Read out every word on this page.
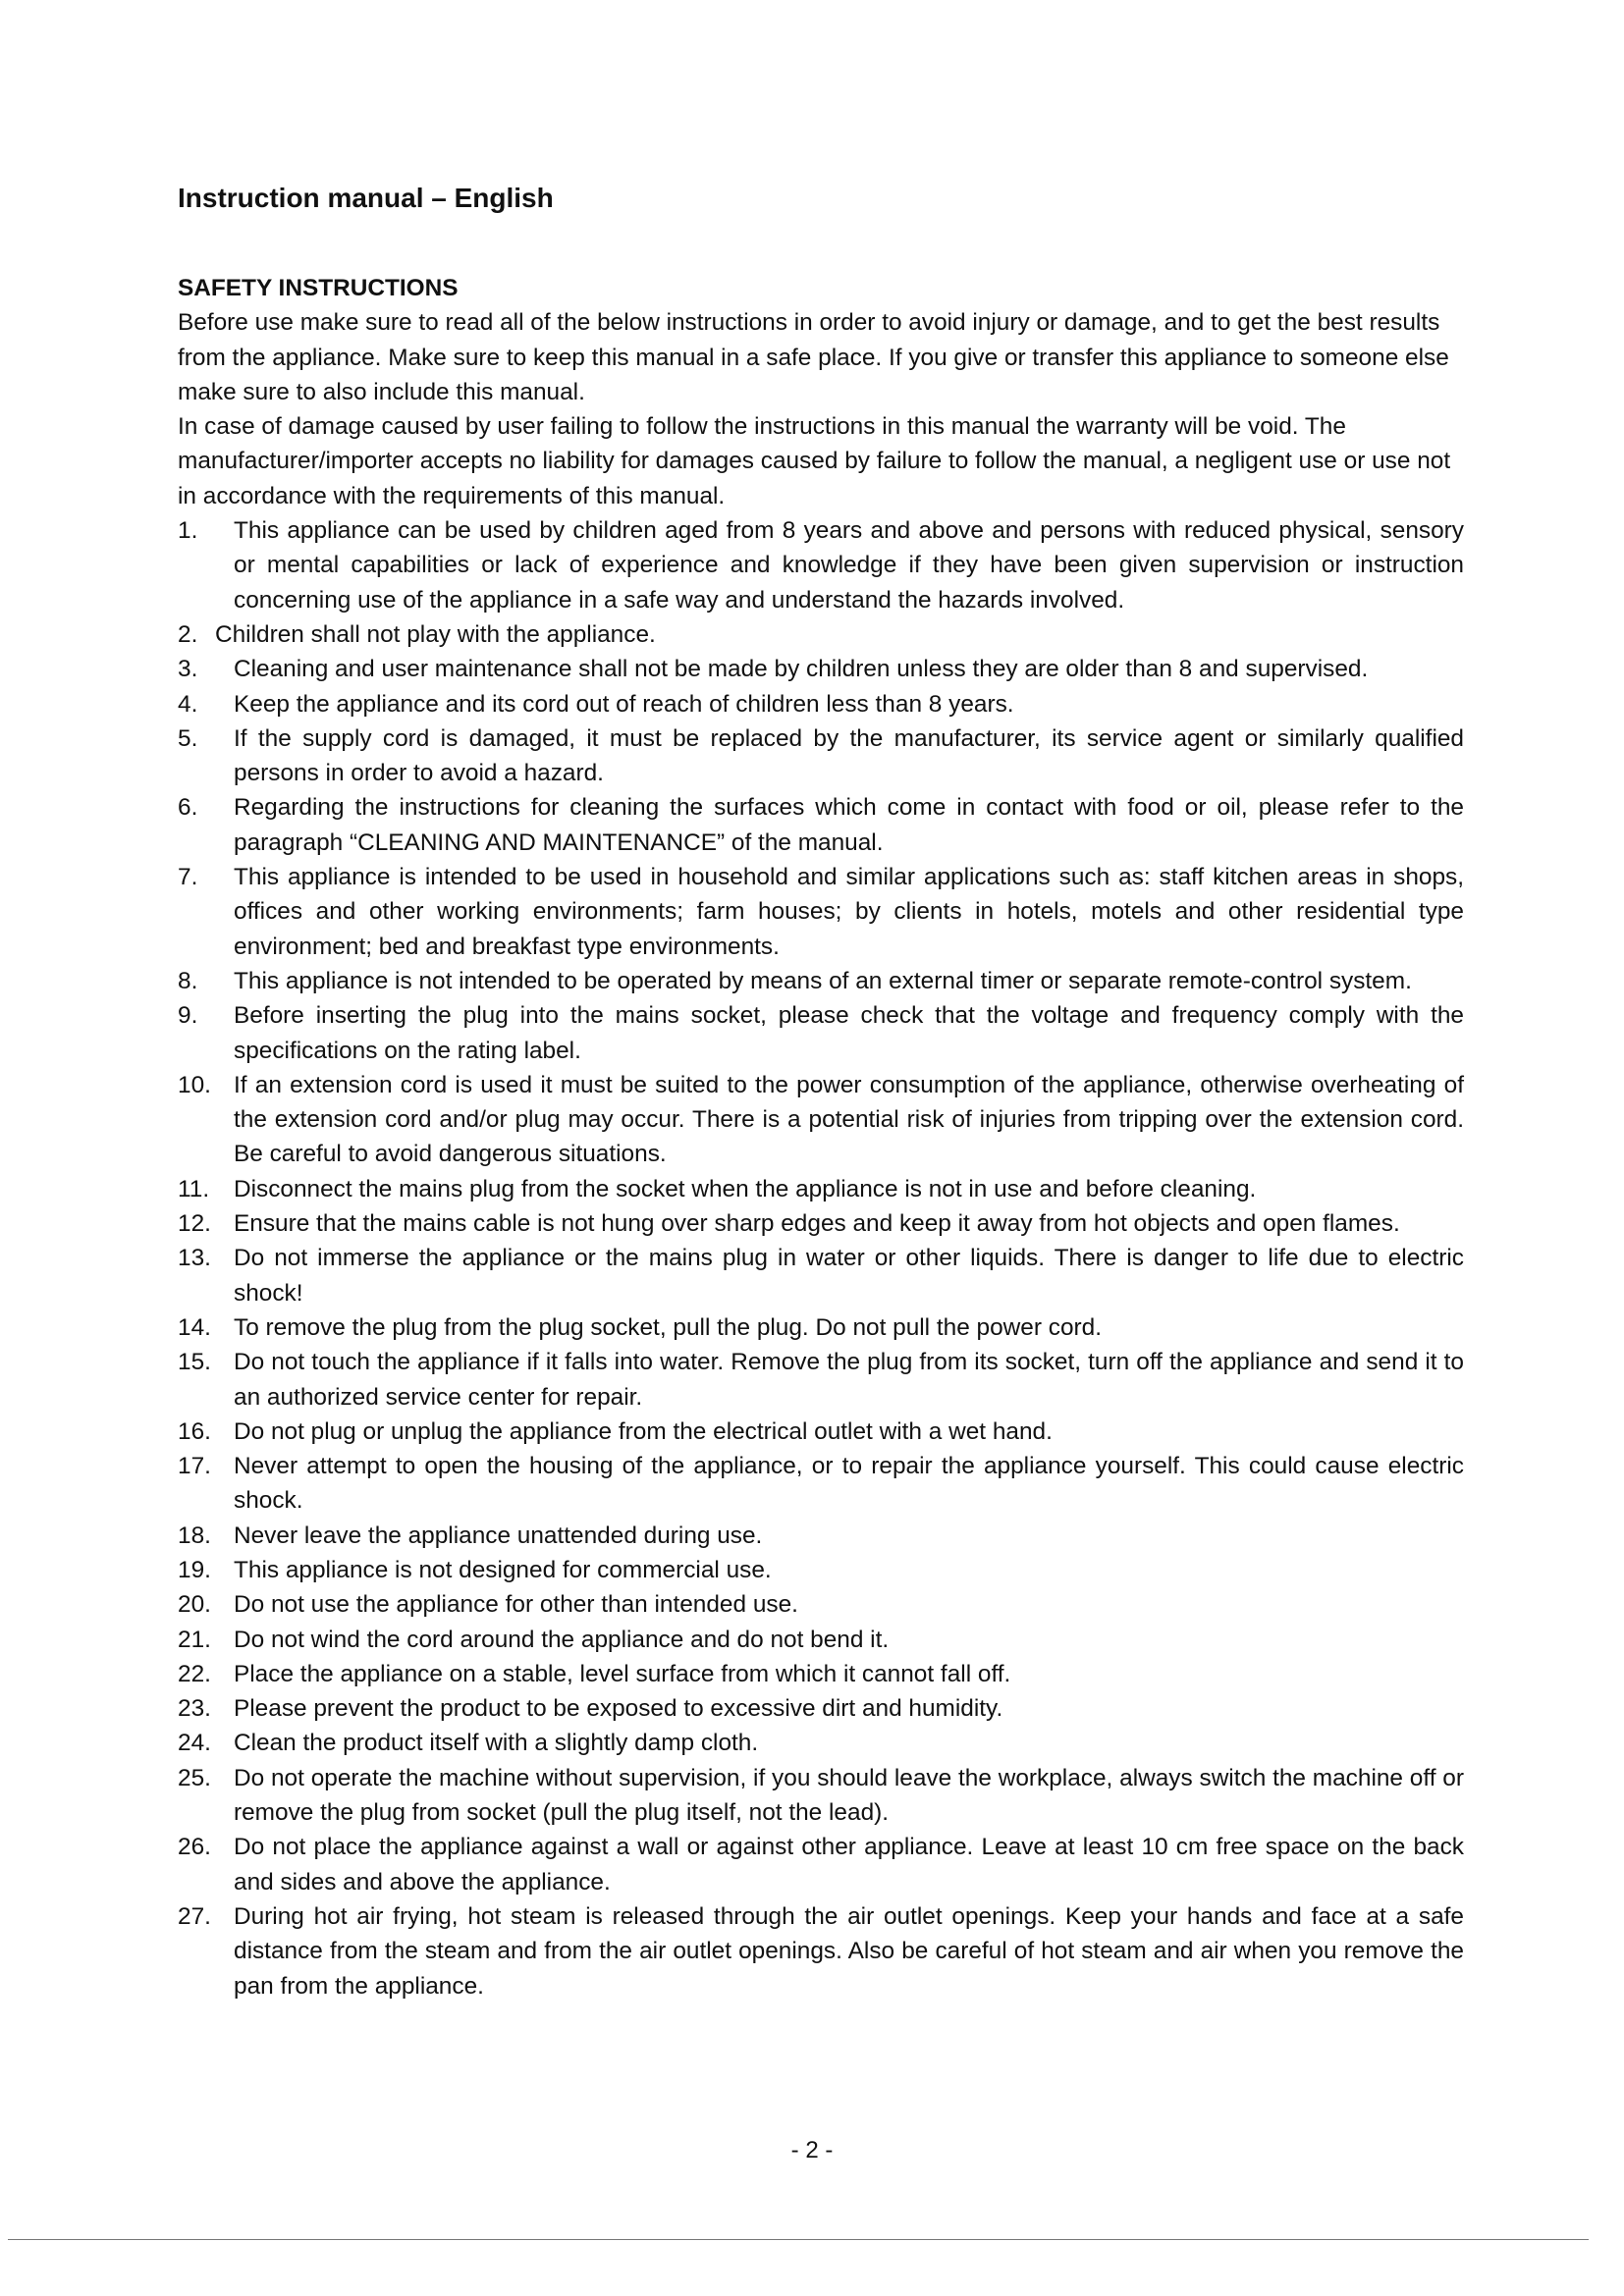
Instruction manual – English
SAFETY INSTRUCTIONS

Before use make sure to read all of the below instructions in order to avoid injury or damage, and to get the best results from the appliance. Make sure to keep this manual in a safe place. If you give or transfer this appliance to someone else make sure to also include this manual.

In case of damage caused by user failing to follow the instructions in this manual the warranty will be void. The manufacturer/importer accepts no liability for damages caused by failure to follow the manual, a negligent use or use not in accordance with the requirements of this manual.

1. This appliance can be used by children aged from 8 years and above and persons with reduced physical, sensory or mental capabilities or lack of experience and knowledge if they have been given supervision or instruction concerning use of the appliance in a safe way and understand the hazards involved.
2. Children shall not play with the appliance.
3. Cleaning and user maintenance shall not be made by children unless they are older than 8 and supervised.
4. Keep the appliance and its cord out of reach of children less than 8 years.
5. If the supply cord is damaged, it must be replaced by the manufacturer, its service agent or similarly qualified persons in order to avoid a hazard.
6. Regarding the instructions for cleaning the surfaces which come in contact with food or oil, please refer to the paragraph “CLEANING AND MAINTENANCE” of the manual.
7. This appliance is intended to be used in household and similar applications such as: staff kitchen areas in shops, offices and other working environments; farm houses; by clients in hotels, motels and other residential type environment; bed and breakfast type environments.
8. This appliance is not intended to be operated by means of an external timer or separate remote-control system.
9. Before inserting the plug into the mains socket, please check that the voltage and frequency comply with the specifications on the rating label.
10. If an extension cord is used it must be suited to the power consumption of the appliance, otherwise overheating of the extension cord and/or plug may occur. There is a potential risk of injuries from tripping over the extension cord. Be careful to avoid dangerous situations.
11. Disconnect the mains plug from the socket when the appliance is not in use and before cleaning.
12. Ensure that the mains cable is not hung over sharp edges and keep it away from hot objects and open flames.
13. Do not immerse the appliance or the mains plug in water or other liquids. There is danger to life due to electric shock!
14. To remove the plug from the plug socket, pull the plug. Do not pull the power cord.
15. Do not touch the appliance if it falls into water. Remove the plug from its socket, turn off the appliance and send it to an authorized service center for repair.
16. Do not plug or unplug the appliance from the electrical outlet with a wet hand.
17. Never attempt to open the housing of the appliance, or to repair the appliance yourself. This could cause electric shock.
18. Never leave the appliance unattended during use.
19. This appliance is not designed for commercial use.
20. Do not use the appliance for other than intended use.
21. Do not wind the cord around the appliance and do not bend it.
22. Place the appliance on a stable, level surface from which it cannot fall off.
23. Please prevent the product to be exposed to excessive dirt and humidity.
24. Clean the product itself with a slightly damp cloth.
25. Do not operate the machine without supervision, if you should leave the workplace, always switch the machine off or remove the plug from socket (pull the plug itself, not the lead).
26. Do not place the appliance against a wall or against other appliance. Leave at least 10 cm free space on the back and sides and above the appliance.
27. During hot air frying, hot steam is released through the air outlet openings. Keep your hands and face at a safe distance from the steam and from the air outlet openings. Also be careful of hot steam and air when you remove the pan from the appliance.
- 2 -
